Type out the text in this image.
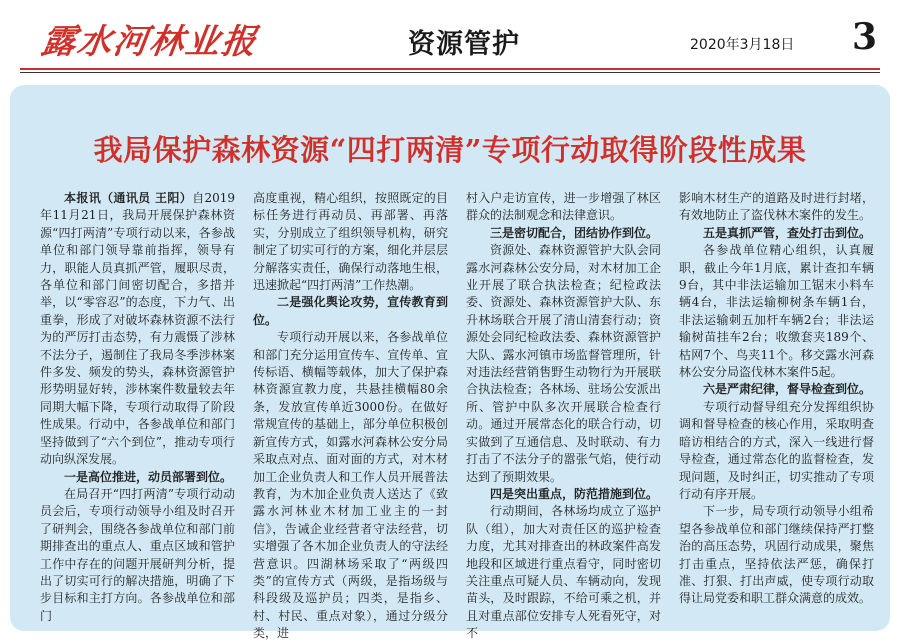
露水河林业报	资源管护	2020年3月18日 3
我局保护森林资源“四打两清”专项行动取得阶段性成果

本报讯（通讯员 王阳）自2019年11月21日，我局开展保护森林资源“四打两清”专项行动以来，各参战单位和部门领导靠前指挥，领导有力，职能人员真抓严管，履职尽责，各单位和部门间密切配合，多措并举，以“零容忍”的态度，下力气、出重拳，形成了对破坏森林资源不法行为的严厉打击态势，有力震慑了涉林不法分子，遏制住了我局冬季涉林案件多发、频发的势头，森林资源管护形势明显好转，涉林案件数量较去年同期大幅下降，专项行动取得了阶段性成果。行动中，各参战单位和部门坚持做到了“六个到位”，推动专项行动向纵深发展。

一是高位推进，动员部署到位。

在局召开“四打两清”专项行动动员会后，专项行动领导小组及时召开了研判会，围绕各参战单位和部门前期排查出的重点人、重点区域和管护工作中存在的问题开展研判分析，提出了切实可行的解决措施，明确了下步目标和主打方向。各参战单位和部门

高度重视，精心组织，按照既定的目标任务进行再动员、再部署、再落实，分别成立了组织领导机构，研究制定了切实可行的方案，细化并层层分解落实责任，确保行动落地生根，迅速掀起“四打两清”工作热潮。

二是强化舆论攻势，宣传教育到位。

专项行动开展以来，各参战单位和部门充分运用宣传车、宣传单、宣传标语、横幅等载体，加大了保护森林资源宣教力度，共悬挂横幅80余条，发放宣传单近3000份。在做好常规宣传的基础上，部分单位积极创新宣传方式，如露水河森林公安分局采取点对点、面对面的方式，对木材加工企业负责人和工作人员开展普法教育，为木加企业负责人送达了《致露水河林业木材加工业主的一封信》，告诫企业经营者守法经营，切实增强了各木加企业负责人的守法经营意识。四湖林场采取了“两级四类”的宣传方式（两级，是指场级与科段级及巡护员；四类，是指乡、村、村民、重点对象），通过分级分类，进

村入户走访宣传，进一步增强了林区群众的法制观念和法律意识。

三是密切配合，团结协作到位。

资源处、森林资源管护大队会同露水河森林公安分局，对木材加工企业开展了联合执法检查；纪检政法委、资源处、森林资源管护大队、东升林场联合开展了清山清套行动；资源处会同纪检政法委、森林资源管护大队、露水河镇市场监督管理所，针对违法经营销售野生动物行为开展联合执法检查；各林场、驻场公安派出所、管护中队多次开展联合检查行动。通过开展常态化的联合行动，切实做到了互通信息、及时联动、有力打击了不法分子的嚣张气焰，使行动达到了预期效果。

四是突出重点，防范措施到位。

行动期间，各林场均成立了巡护队（组），加大对责任区的巡护检查力度，尤其对排查出的林政案件高发地段和区域进行重点看守，同时密切关注重点可疑人员、车辆动向，发现苗头，及时跟踪，不给可乘之机，并且对重点部位安排专人死看死守，对不

影响木材生产的道路及时进行封堵，有效地防止了盗伐林木案件的发生。

五是真抓严管，查处打击到位。

各参战单位精心组织，认真履职，截止今年1月底，累计查扣车辆9台，其中非法运输加工锯末小料车辆4台，非法运输柳树条车辆1台，非法运输刺五加杆车辆2台；非法运输树苗挂车2台；收缴套夹189个、枯网7个、鸟夹11个。移交露水河森林公安分局盗伐林木案件5起。

六是严肃纪律，督导检查到位。

专项行动督导组充分发挥组织协调和督导检查的核心作用，采取明查暗访相结合的方式，深入一线进行督导检查，通过常态化的监督检查，发现问题，及时纠正，切实推动了专项行动有序开展。

下一步，局专项行动领导小组希望各参战单位和部门继续保持严打整治的高压态势，巩固行动成果，聚焦打击重点，坚持依法严惩，确保打准、打狠、打出声威，使专项行动取得让局党委和职工群众满意的成效。
